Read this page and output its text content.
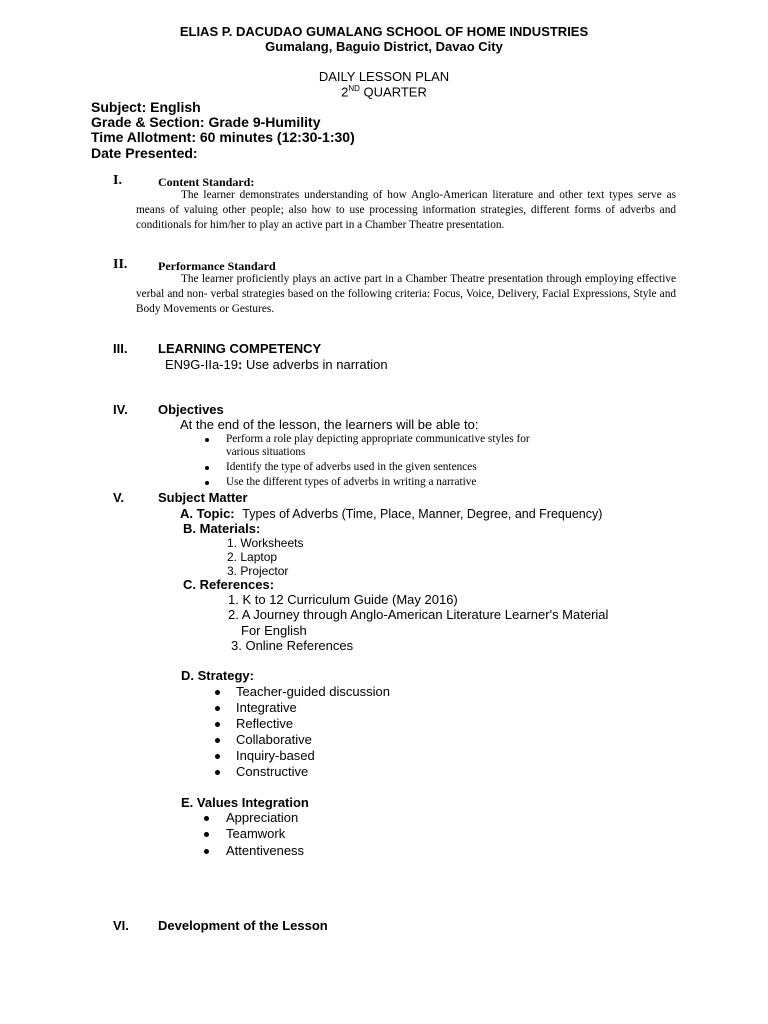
ELIAS P. DACUDAO GUMALANG SCHOOL OF HOME INDUSTRIES
Gumalang, Baguio District, Davao City
DAILY LESSON PLAN
2ND QUARTER
Subject: English
Grade & Section: Grade 9-Humility
Time Allotment: 60 minutes (12:30-1:30)
Date Presented:
I.	Content Standard:
The learner demonstrates understanding of how Anglo-American literature and other text types serve as means of valuing other people; also how to use processing information strategies, different forms of adverbs and conditionals for him/her to play an active part in a Chamber Theatre presentation.
II.	Performance Standard
The learner proficiently plays an active part in a Chamber Theatre presentation through employing effective verbal and non- verbal strategies based on the following criteria: Focus, Voice, Delivery, Facial Expressions, Style and Body Movements or Gestures.
III. LEARNING COMPETENCY
EN9G-IIa-19: Use adverbs in narration
IV. Objectives
At the end of the lesson, the learners will be able to:
Perform a role play depicting appropriate communicative styles for
various situations
Identify the type of adverbs used in the given sentences
Use the different types of adverbs in writing a narrative
V.	Subject Matter
A. Topic: Types of Adverbs (Time, Place, Manner, Degree, and Frequency)
B. Materials:
1. Worksheets
2. Laptop
3. Projector
C. References:
1. K to 12 Curriculum Guide (May 2016)
2. A Journey through Anglo-American Literature Learner's Material
For English
3. Online References
D. Strategy:
Teacher-guided discussion
Integrative
Reflective
Collaborative
Inquiry-based
Constructive
E. Values Integration
Appreciation
Teamwork
Attentiveness
VI. Development of the Lesson
